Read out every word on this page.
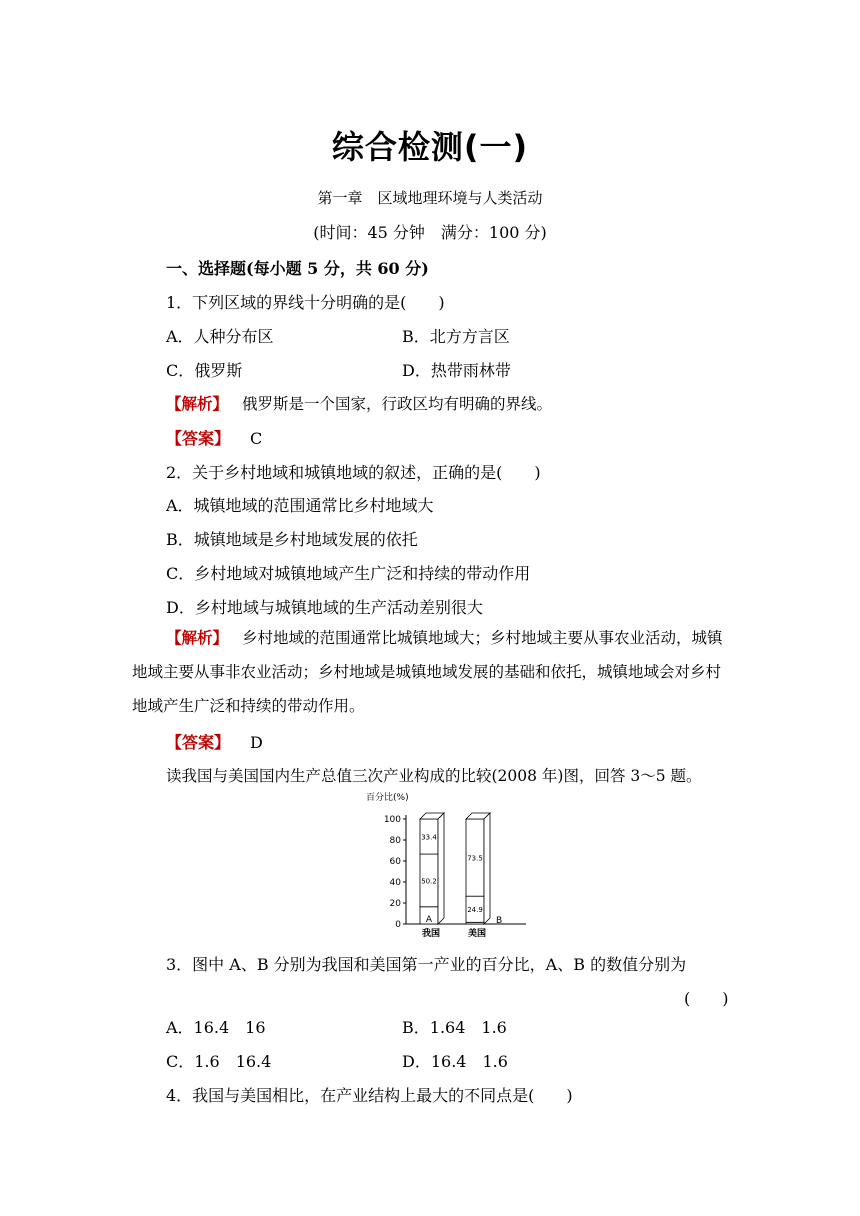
综合检测(一)
第一章　区域地理环境与人类活动
(时间：45 分钟　满分：100 分)
一、选择题(每小题 5 分，共 60 分)
1．下列区域的界线十分明确的是(　　)
A．人种分布区	B．北方方言区
C．俄罗斯	D．热带雨林带
【解析】 俄罗斯是一个国家，行政区均有明确的界线。
【答案】 C
2．关于乡村地域和城镇地域的叙述，正确的是(　　)
A．城镇地域的范围通常比乡村地域大
B．城镇地域是乡村地域发展的依托
C．乡村地域对城镇地域产生广泛和持续的带动作用
D．乡村地域与城镇地域的生产活动差别很大
【解析】 乡村地域的范围通常比城镇地域大；乡村地域主要从事农业活动，城镇地域主要从事非农业活动；乡村地域是城镇地域发展的基础和依托，城镇地域会对乡村地域产生广泛和持续的带动作用。
【答案】 D
读我国与美国国内生产总值三次产业构成的比较(2008 年)图，回答 3～5 题。
百分比(%)
0
20
40
60
80
100
A
50.2
33.4
我国
B
24.9
73.5
美国
3．图中 A、B 分别为我国和美国第一产业的百分比，A、B 的数值分别为
(　　)
A．16.4　16	B．1.64　1.6
C．1.6　16.4	D．16.4　1.6
4．我国与美国相比，在产业结构上最大的不同点是(　　)
